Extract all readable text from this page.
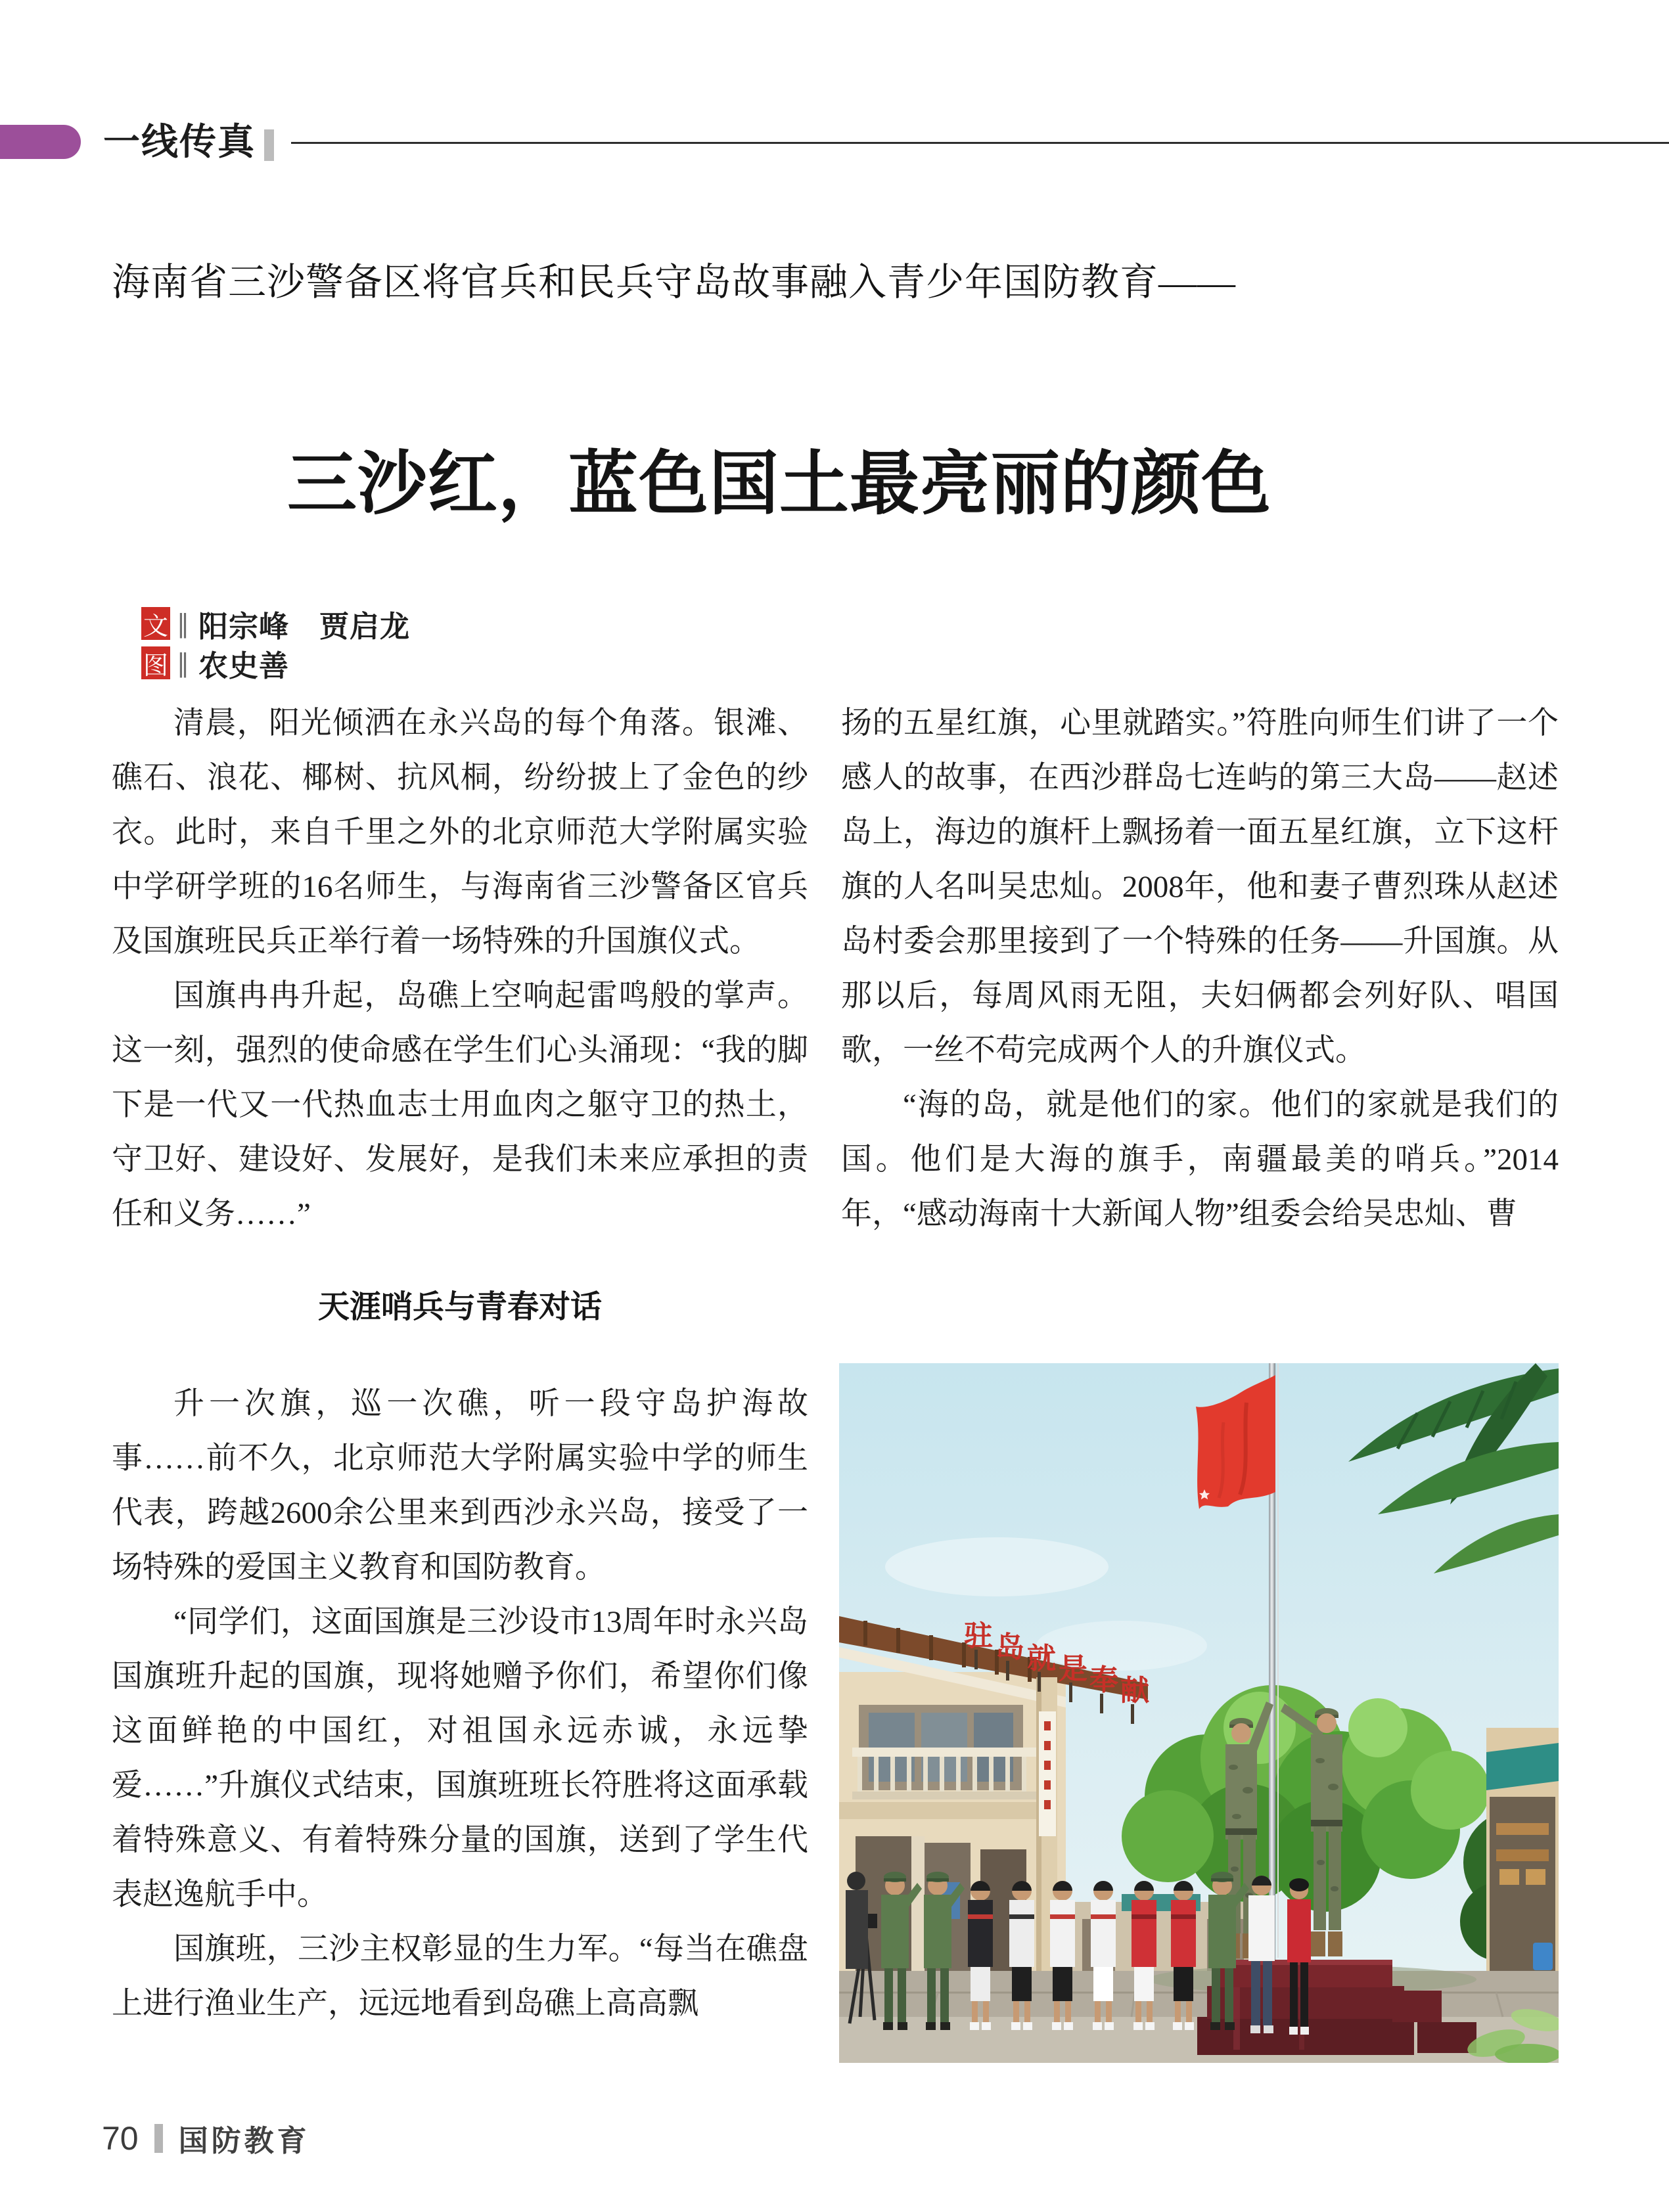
一线传真
海南省三沙警备区将官兵和民兵守岛故事融入青少年国防教育——
三沙红，蓝色国土最亮丽的颜色
文 ‖ 阳宗峰　贾启龙
图 ‖ 农史善
清晨，阳光倾洒在永兴岛的每个角落。银滩、礁石、浪花、椰树、抗风桐，纷纷披上了金色的纱衣。此时，来自千里之外的北京师范大学附属实验中学研学班的16名师生，与海南省三沙警备区官兵及国旗班民兵正举行着一场特殊的升国旗仪式。
国旗冉冉升起，岛礁上空响起雷鸣般的掌声。这一刻，强烈的使命感在学生们心头涌现：“我的脚下是一代又一代热血志士用血肉之躯守卫的热土，守卫好、建设好、发展好，是我们未来应承担的责任和义务……”
天涯哨兵与青春对话
升一次旗，巡一次礁，听一段守岛护海故事……前不久，北京师范大学附属实验中学的师生代表，跨越2600余公里来到西沙永兴岛，接受了一场特殊的爱国主义教育和国防教育。
“同学们，这面国旗是三沙设市13周年时永兴岛国旗班升起的国旗，现将她赠予你们，希望你们像这面鲜艳的中国红，对祖国永远赤诚，永远挚爱……”升旗仪式结束，国旗班班长符胜将这面承载着特殊意义、有着特殊分量的国旗，送到了学生代表赵逸航手中。
国旗班，三沙主权彰显的生力军。“每当在礁盘上进行渔业生产，远远地看到岛礁上高高飘
扬的五星红旗，心里就踏实。”符胜向师生们讲了一个感人的故事，在西沙群岛七连屿的第三大岛——赵述岛上，海边的旗杆上飘扬着一面五星红旗，立下这杆旗的人名叫吴忠灿。2008年，他和妻子曹烈珠从赵述岛村委会那里接到了一个特殊的任务——升国旗。从那以后，每周风雨无阻，夫妇俩都会列好队、唱国歌，一丝不苟完成两个人的升旗仪式。
“海的岛，就是他们的家。他们的家就是我们的国。他们是大海的旗手，南疆最美的哨兵。”2014年，“感动海南十大新闻人物”组委会给吴忠灿、曹
驻 岛 就 是 奉 献
70 国防教育
